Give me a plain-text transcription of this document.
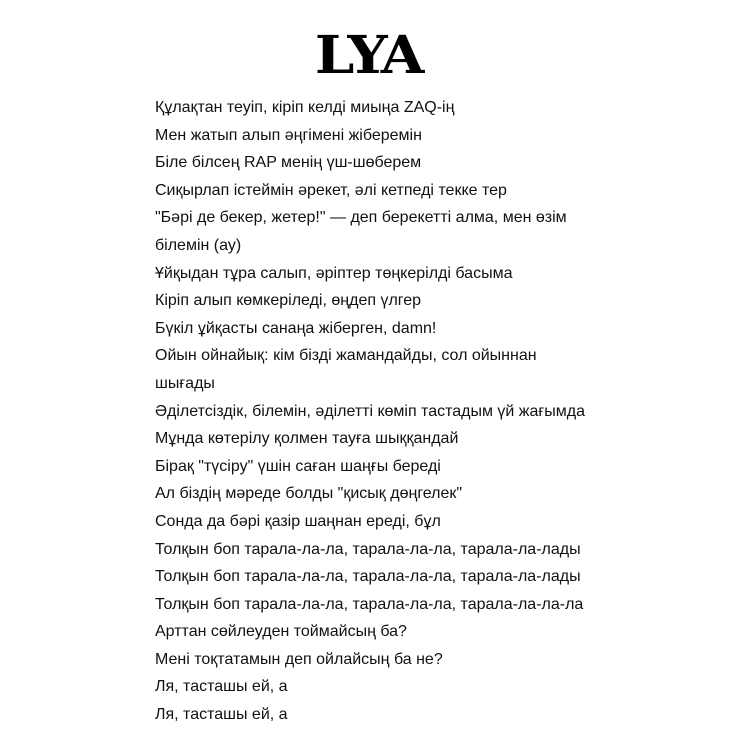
LYA
Құлақтан теуіп, кіріп келді миыңа ZAQ-ің
Мен жатып алып әңгімені жіберемін
Біле білсең RAP менің үш-шөберем
Сиқырлап істеймін әрекет, әлі кетпеді текке тер
"Бәрі де бекер, жетер!" — деп берекетті алма, мен өзім
білемін (ау)
Ұйқыдан тұра салып, әріптер төңкерілді басыма
Кіріп алып көмкеріледі, өңдеп үлгер
Бүкіл ұйқасты санаңа жіберген, damn!
Ойын ойнайық: кім бізді жамандайды, сол ойыннан
шығады
Әділетсіздік, білемін, әділетті көміп тастадым үй жағымда
Мұнда көтерілу қолмен тауға шыққандай
Бірақ "түсіру" үшін саған шаңғы береді
Ал біздің мәреде болды "қисық дөңгелек"
Сонда да бәрі қазір шаңнан ереді, бұл
Толқын боп тарала-ла-ла, тарала-ла-ла, тарала-ла-лады
Толқын боп тарала-ла-ла, тарала-ла-ла, тарала-ла-лады
Толқын боп тарала-ла-ла, тарала-ла-ла, тарала-ла-ла-ла
Арттан сөйлеуден тоймайсың ба?
Мені тоқтатамын деп ойлайсың ба не?
Ля, тасташы ей, а
Ля, тасташы ей, а
